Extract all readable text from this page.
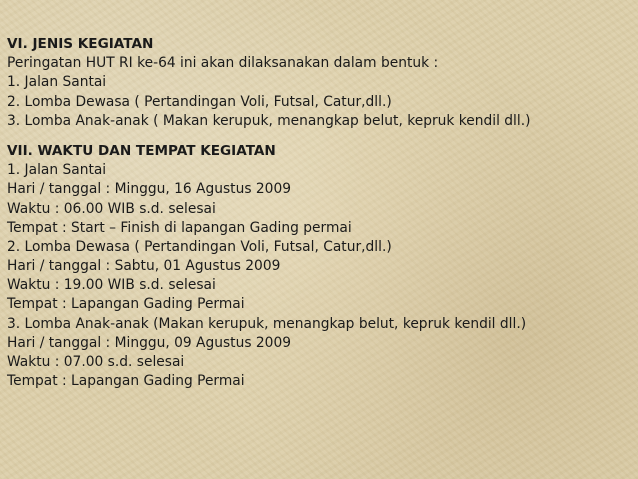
VI. JENIS KEGIATAN
Peringatan HUT RI ke-64 ini akan dilaksanakan dalam bentuk :
1. Jalan Santai
2. Lomba Dewasa ( Pertandingan Voli, Futsal, Catur,dll.)
3. Lomba Anak-anak ( Makan kerupuk, menangkap belut, kepruk kendil dll.)
VII. WAKTU DAN TEMPAT KEGIATAN
1. Jalan Santai
Hari / tanggal : Minggu, 16 Agustus 2009
Waktu : 06.00 WIB s.d. selesai
Tempat : Start – Finish di lapangan Gading permai
2. Lomba Dewasa ( Pertandingan Voli, Futsal, Catur,dll.)
Hari / tanggal : Sabtu, 01 Agustus 2009
Waktu : 19.00 WIB s.d. selesai
Tempat : Lapangan Gading Permai
3. Lomba Anak-anak (Makan kerupuk, menangkap belut, kepruk kendil dll.)
Hari / tanggal : Minggu, 09 Agustus 2009
Waktu : 07.00 s.d. selesai
Tempat : Lapangan Gading Permai
